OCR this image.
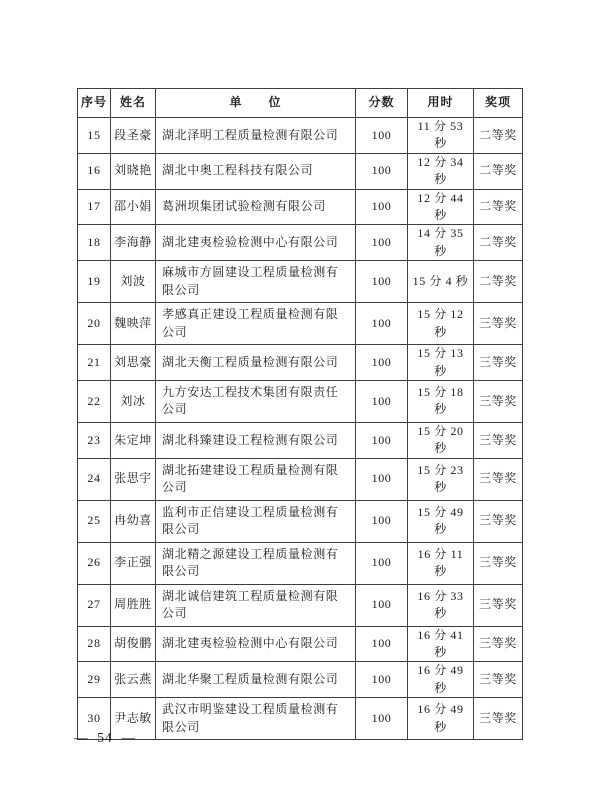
序号	姓名	单　　位	分数	用时	奖项
15	段圣豪	湖北泽明工程质量检测有限公司	100	11 分 53 秒	二等奖
16	刘晓艳	湖北中奥工程科技有限公司	100	12 分 34 秒	二等奖
17	邵小娟	葛洲坝集团试验检测有限公司	100	12 分 44 秒	二等奖
18	李海静	湖北建夷检验检测中心有限公司	100	14 分 35 秒	二等奖
19	刘波	麻城市方圆建设工程质量检测有限公司	100	15 分 4 秒	二等奖
20	魏映萍	孝感真正建设工程质量检测有限公司	100	15 分 12 秒	三等奖
21	刘思豪	湖北天衡工程质量检测有限公司	100	15 分 13 秒	三等奖
22	刘冰	九方安达工程技术集团有限责任公司	100	15 分 18 秒	三等奖
23	朱定坤	湖北科臻建设工程检测有限公司	100	15 分 20 秒	三等奖
24	张思宇	湖北拓建建设工程质量检测有限公司	100	15 分 23 秒	三等奖
25	冉幼喜	监利市正信建设工程质量检测有限公司	100	15 分 49 秒	三等奖
26	李正强	湖北精之源建设工程质量检测有限公司	100	16 分 11 秒	三等奖
27	周胜胜	湖北诚信建筑工程质量检测有限公司	100	16 分 33 秒	三等奖
28	胡俊鹏	湖北建夷检验检测中心有限公司	100	16 分 41 秒	三等奖
29	张云燕	湖北华聚工程质量检测有限公司	100	16 分 49 秒	三等奖
30	尹志敏	武汉市明鉴建设工程质量检测有限公司	100	16 分 49 秒	三等奖
—  54  —
